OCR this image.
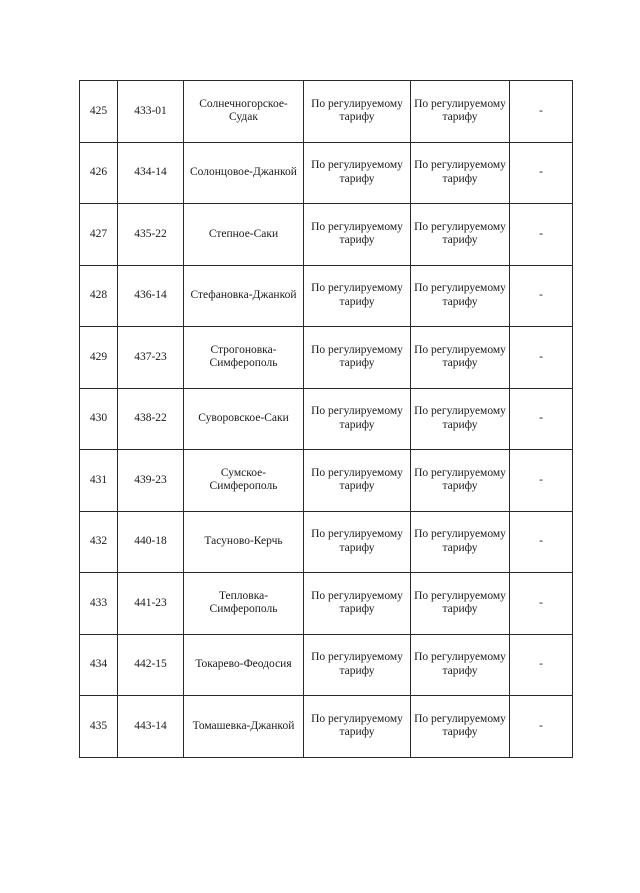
425	433-01	Солнечногорское-Судак	По регулируемому тарифу	По регулируемому тарифу	-
426	434-14	Солонцовое-Джанкой	По регулируемому тарифу	По регулируемому тарифу	-
427	435-22	Степное-Саки	По регулируемому тарифу	По регулируемому тарифу	-
428	436-14	Стефановка-Джанкой	По регулируемому тарифу	По регулируемому тарифу	-
429	437-23	Строгоновка-Симферополь	По регулируемому тарифу	По регулируемому тарифу	-
430	438-22	Суворовское-Саки	По регулируемому тарифу	По регулируемому тарифу	-
431	439-23	Сумское-Симферополь	По регулируемому тарифу	По регулируемому тарифу	-
432	440-18	Тасуново-Керчь	По регулируемому тарифу	По регулируемому тарифу	-
433	441-23	Тепловка-Симферополь	По регулируемому тарифу	По регулируемому тарифу	-
434	442-15	Токарево-Феодосия	По регулируемому тарифу	По регулируемому тарифу	-
435	443-14	Томашевка-Джанкой	По регулируемому тарифу	По регулируемому тарифу	-
